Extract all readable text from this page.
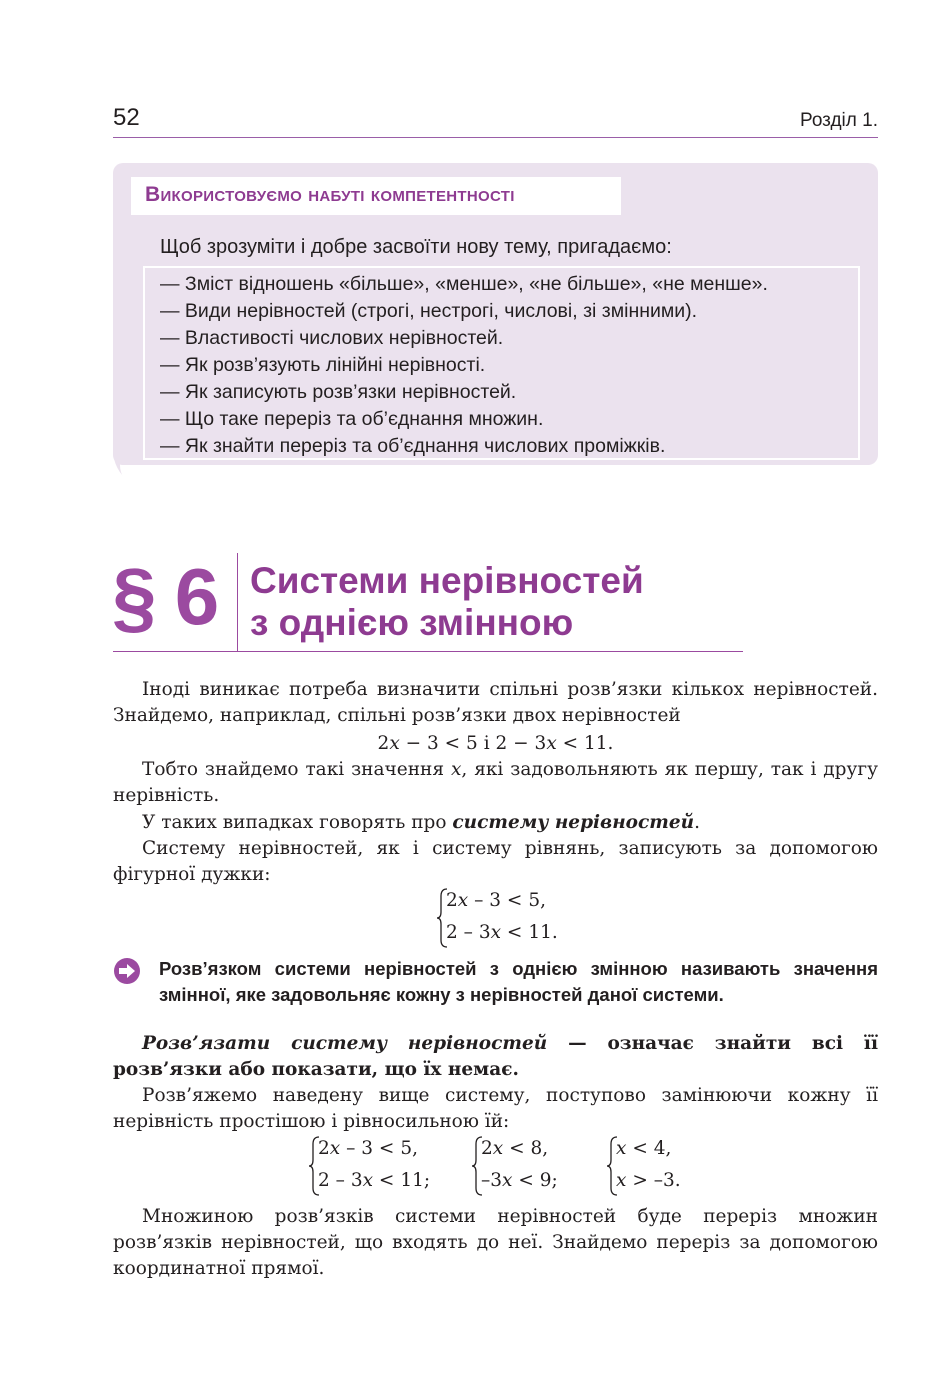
52	Розділ 1.
Використовуємо набуті компетентності
Щоб зрозуміти і добре засвоїти нову тему, пригадаємо:
— Зміст відношень «більше», «менше», «не більше», «не менше».
— Види нерівностей (строгі, нестрогі, числові, зі змінними).
— Властивості числових нерівностей.
— Як розв’язують лінійні нерівності.
— Як записують розв’язки нерівностей.
— Що таке переріз та об’єднання множин.
— Як знайти переріз та об’єднання числових проміжків.
§ 6 Системи нерівностей
з однією змінною

Іноді виникає потреба визначити спільні розв’язки кількох нерівностей. Знайдемо, наприклад, спільні розв’язки двох нерівностей

2x − 3 < 5 і 2 − 3x < 11.

Тобто знайдемо такі значення x, які задовольняють як першу, так і другу нерівність.

У таких випадках говорять про систему нерівностей.

Систему нерівностей, як і систему рівнянь, записують за допомогою фігурної дужки:

2x – 3 < 5,
2 – 3x < 11.

Розв’язком системи нерівностей з однією змінною називають значення змінної, яке задовольняє кожну з нерівностей даної системи.

Розв’язати систему нерівностей — означає знайти всі її розв’язки або показати, що їх немає.

Розв’яжемо наведену вище систему, поступово замінюючи кожну її нерівність простішою і рівносильною їй:

2x – 3 < 5,
2 – 3x < 11;
2x < 8,
–3x < 9;
x < 4,
x > –3.

Множиною розв’язків системи нерівностей буде переріз множин розв’язків нерівностей, що входять до неї. Знайдемо переріз за допомогою координатної прямої.
